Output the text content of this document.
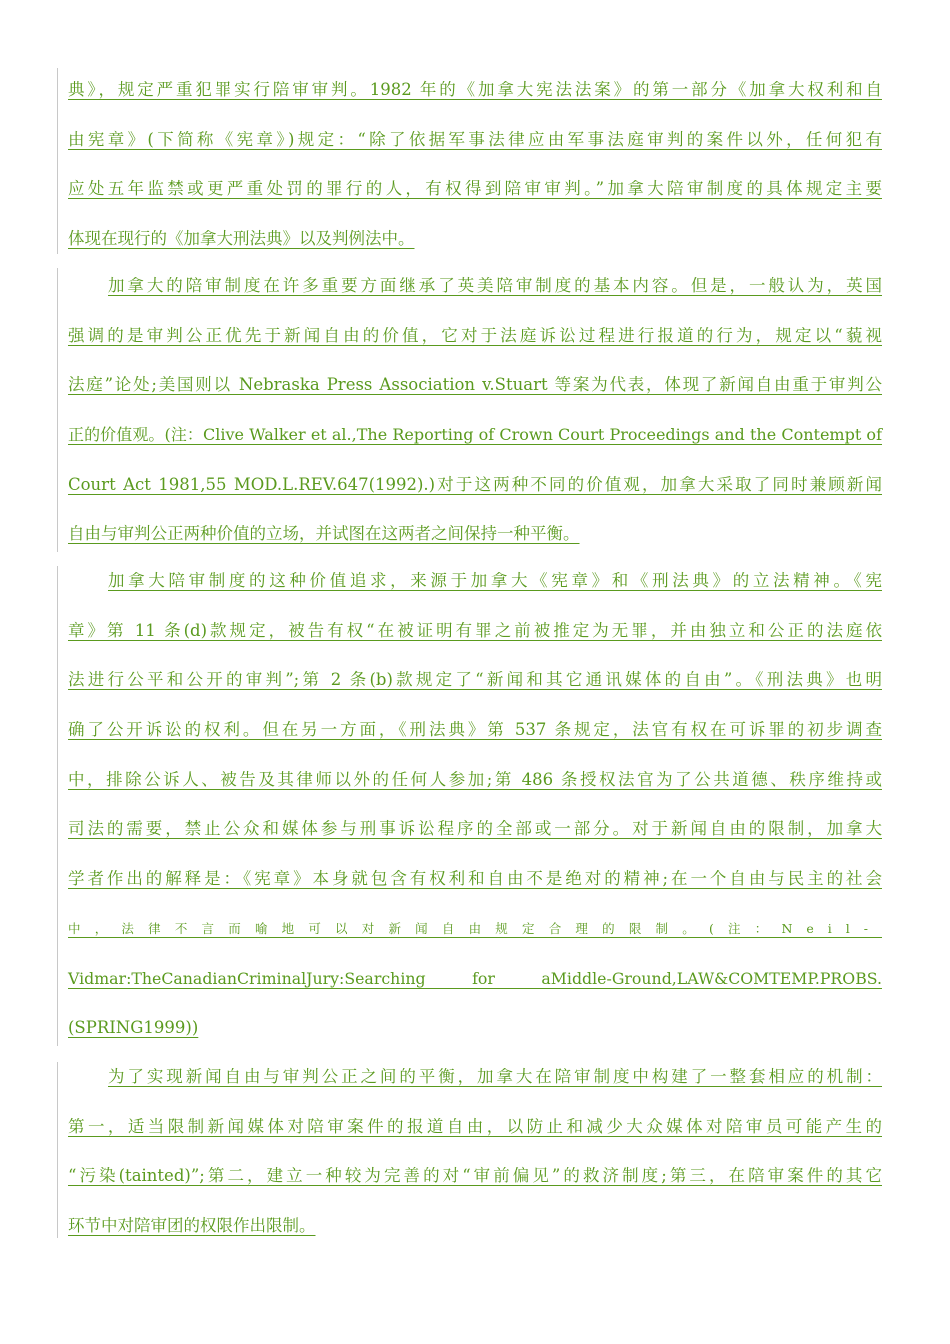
典》，规定严重犯罪实行陪审审判。1982 年的《加拿大宪法法案》的第一部分《加拿大权利和自
由宪章》(下简称《宪章》)规定：“除了依据军事法律应由军事法庭审判的案件以外，任何犯有
应处五年监禁或更严重处罚的罪行的人，有权得到陪审审判。”加拿大陪审制度的具体规定主要
体现在现行的《加拿大刑法典》以及判例法中。
加拿大的陪审制度在许多重要方面继承了英美陪审制度的基本内容。但是，一般认为，英国
强调的是审判公正优先于新闻自由的价值，它对于法庭诉讼过程进行报道的行为，规定以“藐视
法庭”论处;美国则以 Nebraska Press Association v.Stuart 等案为代表，体现了新闻自由重于审判公
正的价值观。(注：Clive Walker et al.,The Reporting of Crown Court Proceedings and the Contempt of
Court Act 1981,55 MOD.L.REV.647(1992).)对于这两种不同的价值观，加拿大采取了同时兼顾新闻
自由与审判公正两种价值的立场，并试图在这两者之间保持一种平衡。
加拿大陪审制度的这种价值追求，来源于加拿大《宪章》和《刑法典》的立法精神。《宪
章》第 11 条(d)款规定，被告有权“在被证明有罪之前被推定为无罪，并由独立和公正的法庭依
法进行公平和公开的审判”;第 2 条(b)款规定了“新闻和其它通讯媒体的自由”。《刑法典》也明
确了公开诉讼的权利。但在另一方面，《刑法典》第 537 条规定，法官有权在可诉罪的初步调查
中，排除公诉人、被告及其律师以外的任何人参加;第 486 条授权法官为了公共道德、秩序维持或
司法的需要，禁止公众和媒体参与刑事诉讼程序的全部或一部分。对于新闻自由的限制，加拿大
学者作出的解释是：《宪章》本身就包含有权利和自由不是绝对的精神;在一个自由与民主的社会
中，法律不言而喻地可以对新闻自由规定合理的限制。(注：Neil-
Vidmar:TheCanadianCriminalJury:Searching for aMiddle-Ground,LAW&COMTEMP.PROBS.
(SPRING1999))
为了实现新闻自由与审判公正之间的平衡，加拿大在陪审制度中构建了一整套相应的机制：
第一，适当限制新闻媒体对陪审案件的报道自由，以防止和减少大众媒体对陪审员可能产生的
“污染(tainted)”;第二，建立一种较为完善的对“审前偏见”的救济制度;第三，在陪审案件的其它
环节中对陪审团的权限作出限制。
